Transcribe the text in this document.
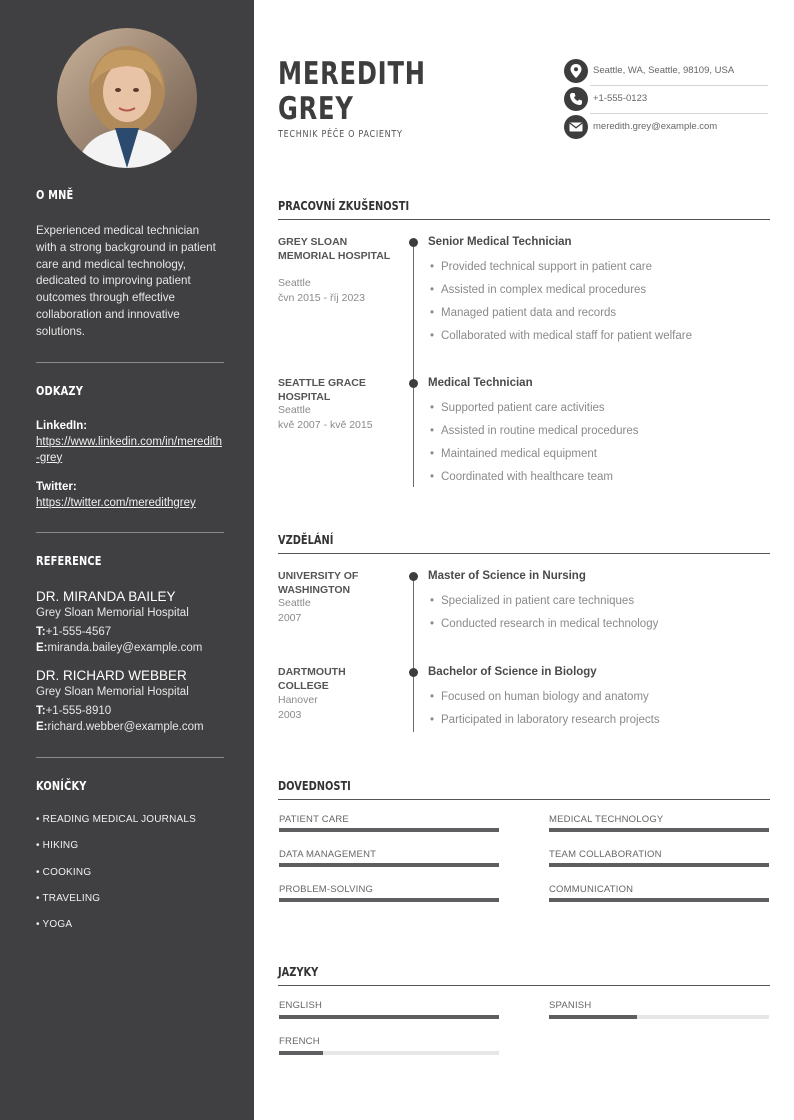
O MNĚ
Experienced medical technician with a strong background in patient care and medical technology, dedicated to improving patient outcomes through effective collaboration and innovative solutions.
ODKAZY
LinkedIn:
https://www.linkedin.com/in/meredith-grey
Twitter:
https://twitter.com/meredithgrey
REFERENCE
DR. MIRANDA BAILEY
Grey Sloan Memorial Hospital
T:+1-555-4567
E:miranda.bailey@example.com
DR. RICHARD WEBBER
Grey Sloan Memorial Hospital
T:+1-555-8910
E:richard.webber@example.com
KONÍČKY
• READING MEDICAL JOURNALS
• HIKING
• COOKING
• TRAVELING
• YOGA
MEREDITH
GREY
TECHNIK PÉČE O PACIENTY
Seattle, WA, Seattle, 98109, USA
+1-555-0123
meredith.grey@example.com
PRACOVNÍ ZKUŠENOSTI
GREY SLOAN MEMORIAL HOSPITAL
Seattle
čvn 2015 - říj 2023
Senior Medical Technician
• Provided technical support in patient care
• Assisted in complex medical procedures
• Managed patient data and records
• Collaborated with medical staff for patient welfare
SEATTLE GRACE HOSPITAL
Seattle
kvě 2007 - kvě 2015
Medical Technician
• Supported patient care activities
• Assisted in routine medical procedures
• Maintained medical equipment
• Coordinated with healthcare team
VZDĚLÁNÍ
UNIVERSITY OF WASHINGTON
Seattle
2007
Master of Science in Nursing
• Specialized in patient care techniques
• Conducted research in medical technology
DARTMOUTH COLLEGE
Hanover
2003
Bachelor of Science in Biology
• Focused on human biology and anatomy
• Participated in laboratory research projects
DOVEDNOSTI
PATIENT CARE	MEDICAL TECHNOLOGY
DATA MANAGEMENT	TEAM COLLABORATION
PROBLEM-SOLVING	COMMUNICATION
JAZYKY
ENGLISH	SPANISH
FRENCH
